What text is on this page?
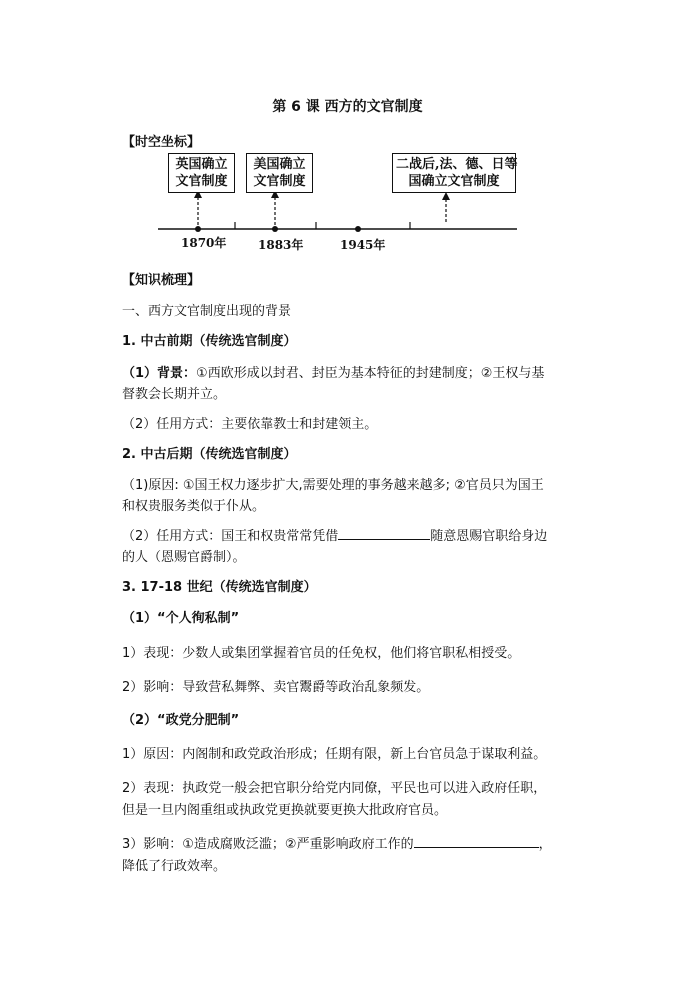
第 6 课 西方的文官制度
【时空坐标】
英国确立
文官制度
美国确立
文官制度
二战后,法、德、日等
国确立文官制度
1870年	1883年	1945年
【知识梳理】
一、西方文官制度出现的背景
1. 中古前期（传统选官制度）
（1）背景：①西欧形成以封君、封臣为基本特征的封建制度；②王权与基
督教会长期并立。
（2）任用方式：主要依靠教士和封建领主。
2. 中古后期（传统选官制度）
（1)原因: ①国王权力逐步扩大,需要处理的事务越来越多; ②官员只为国王
和权贵服务类似于仆从。
（2）任用方式：国王和权贵常常凭借	随意恩赐官职给身边
的人（恩赐官爵制）。
3. 17-18 世纪（传统选官制度）
（1）“个人徇私制”
1）表现：少数人或集团掌握着官员的任免权，他们将官职私相授受。
2）影响：导致营私舞弊、卖官鬻爵等政治乱象频发。
（2）“政党分肥制”
1）原因：内阁制和政党政治形成；任期有限，新上台官员急于谋取利益。
2）表现：执政党一般会把官职分给党内同僚，平民也可以进入政府任职，
但是一旦内阁重组或执政党更换就要更换大批政府官员。
3）影响：①造成腐败泛滥；②严重影响政府工作的	，
降低了行政效率。
